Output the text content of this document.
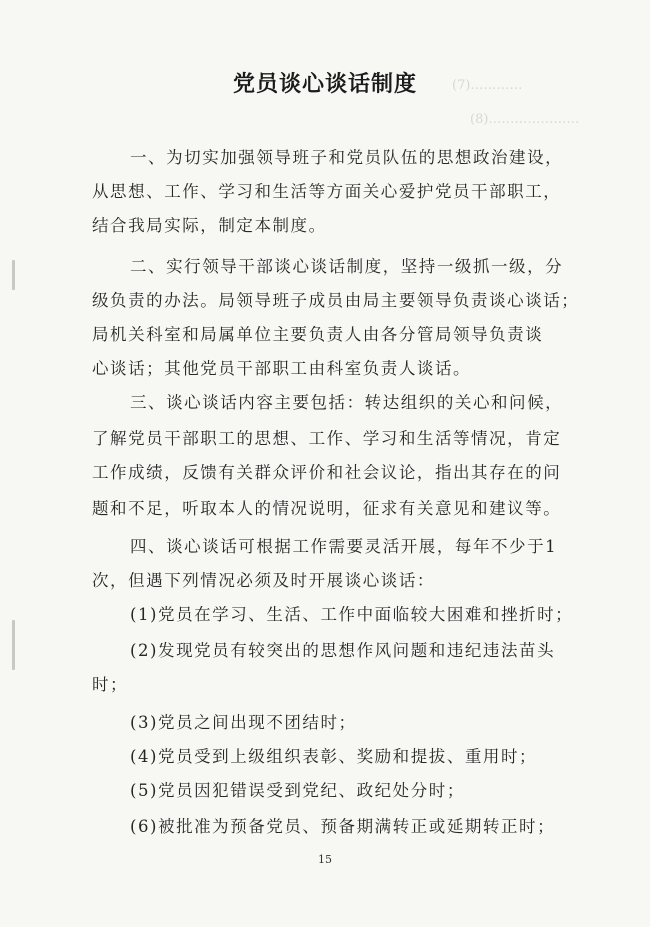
(7)…………
(8)…………………
党员谈心谈话制度
一、为切实加强领导班子和党员队伍的思想政治建设，
从思想、工作、学习和生活等方面关心爱护党员干部职工，
结合我局实际，制定本制度。
二、实行领导干部谈心谈话制度，坚持一级抓一级，分
级负责的办法。局领导班子成员由局主要领导负责谈心谈话；
局机关科室和局属单位主要负责人由各分管局领导负责谈
心谈话；其他党员干部职工由科室负责人谈话。
三、谈心谈话内容主要包括：转达组织的关心和问候，
了解党员干部职工的思想、工作、学习和生活等情况，肯定
工作成绩，反馈有关群众评价和社会议论，指出其存在的问
题和不足，听取本人的情况说明，征求有关意见和建议等。
四、谈心谈话可根据工作需要灵活开展，每年不少于1
次，但遇下列情况必须及时开展谈心谈话：
(1)党员在学习、生活、工作中面临较大困难和挫折时；
(2)发现党员有较突出的思想作风问题和违纪违法苗头
时；
(3)党员之间出现不团结时；
(4)党员受到上级组织表彰、奖励和提拔、重用时；
(5)党员因犯错误受到党纪、政纪处分时；
(6)被批准为预备党员、预备期满转正或延期转正时；
15
